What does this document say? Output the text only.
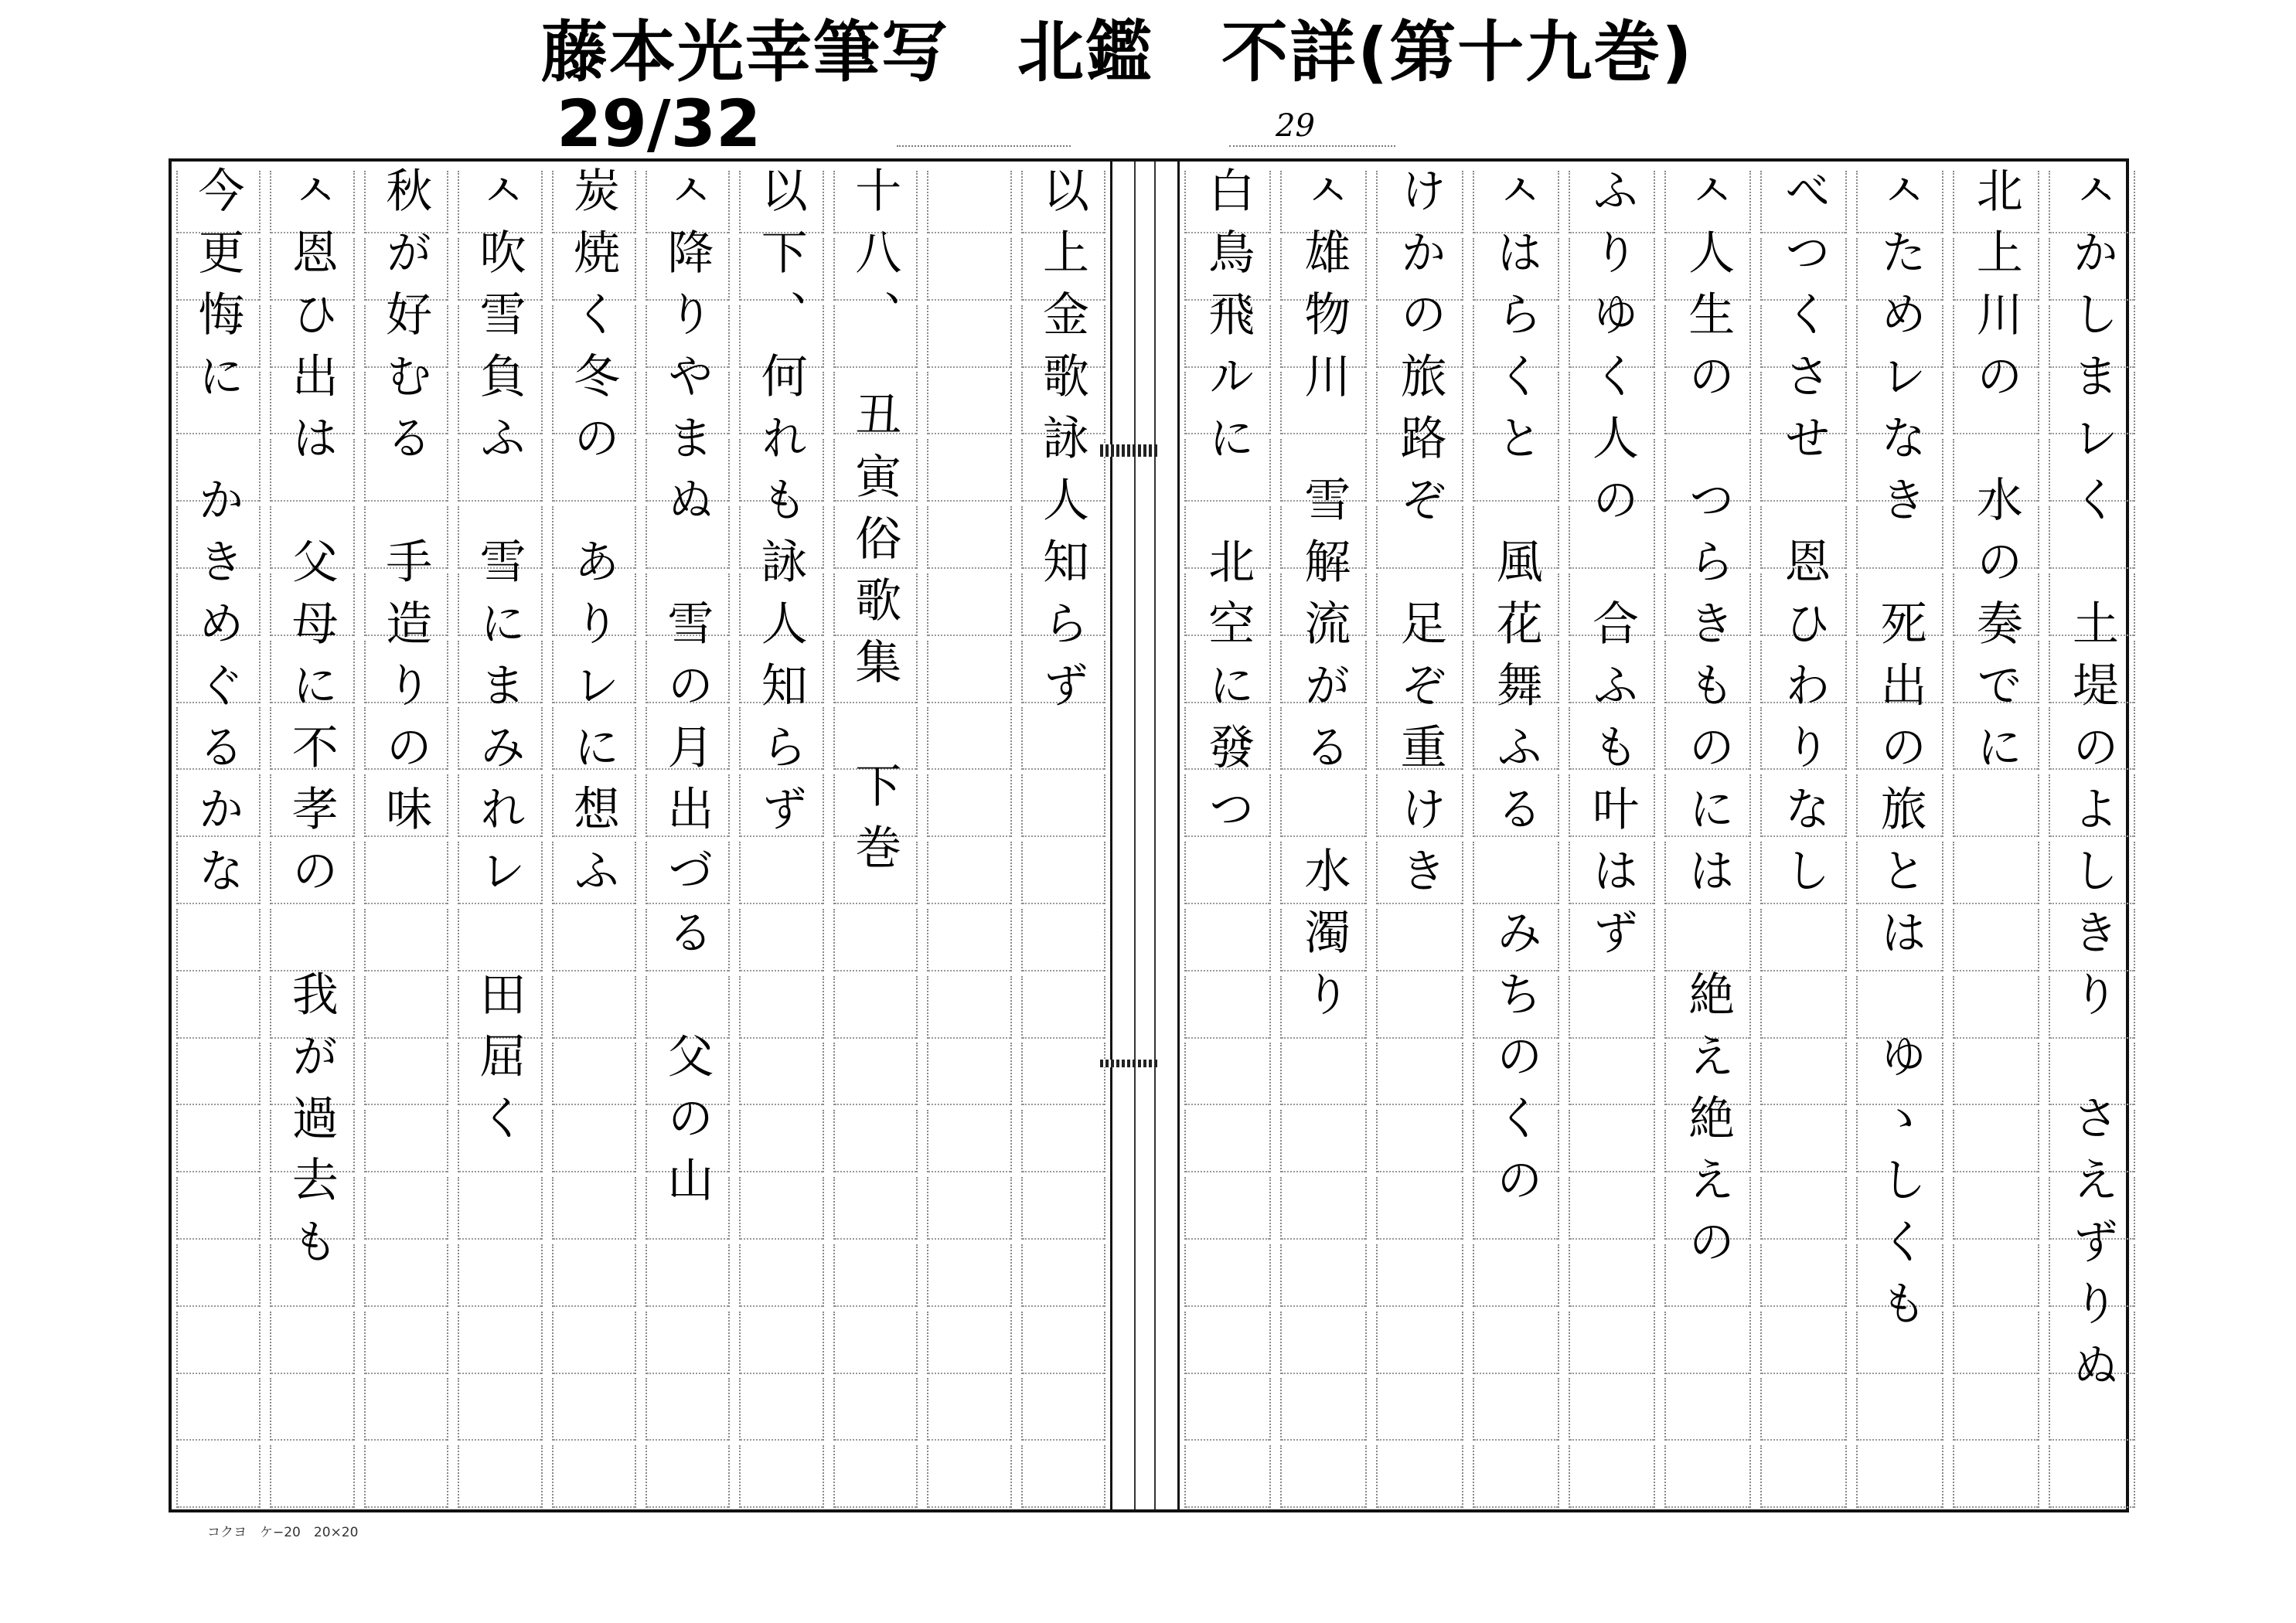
藤本光幸筆写　北鑑　不詳(第十九巻)
29/32	29
以上金歌詠人知らず
十八、　丑寅俗歌集　下巻
以下、何れも詠人知らず
ㅅ降りやまぬ　雪の月出づる　父の山
炭焼く冬の　ありレに想ふ
ㅅ吹雪負ふ　雪にまみれレ　田屈く
秋が好むる　手造りの味
ㅅ恩ひ出は　父母に不孝の　我が過去も
今更悔に　かきめぐるかな	ㅅかしまレく　土堤のよしきり　さえずりぬ
北上川の　水の奏でに
ㅅためレなき　死出の旅とは　ゆゝしくも
べつくさせ　恩ひわりなし
ㅅ人生の　つらきものには　絶え絶えの
ふりゆく人の　合ふも叶はず
ㅅはらくと　風花舞ふる　みちのくの
けかの旅路ぞ　足ぞ重けき
ㅅ雄物川　雪解流がる　水濁り
白鳥飛ルに　北空に發つ
コクヨ　ケ−20　20×20
